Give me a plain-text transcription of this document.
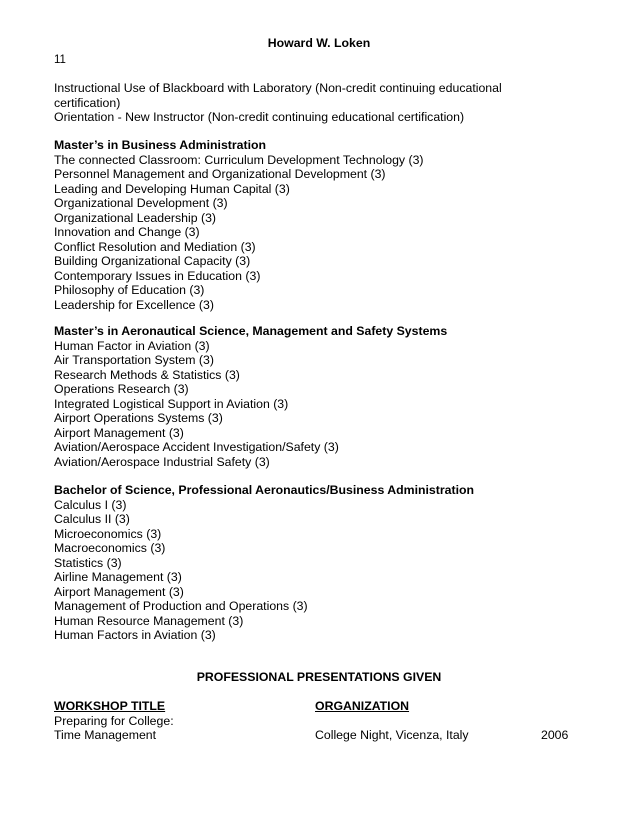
Howard W. Loken
11
Instructional Use of Blackboard with Laboratory (Non-credit continuing educational certification)
Orientation - New Instructor (Non-credit continuing educational certification)
Master’s in Business Administration
The connected Classroom: Curriculum Development Technology (3)
Personnel Management and Organizational Development (3)
Leading and Developing Human Capital (3)
Organizational Development (3)
Organizational Leadership (3)
Innovation and Change (3)
Conflict Resolution and Mediation (3)
Building Organizational Capacity (3)
Contemporary Issues in Education (3)
Philosophy of Education (3)
Leadership for Excellence (3)
Master’s in Aeronautical Science, Management and Safety Systems
Human Factor in Aviation (3)
Air Transportation System (3)
Research Methods & Statistics (3)
Operations Research (3)
Integrated Logistical Support in Aviation (3)
Airport Operations Systems (3)
Airport Management (3)
Aviation/Aerospace Accident Investigation/Safety (3)
Aviation/Aerospace Industrial Safety (3)
Bachelor of Science, Professional Aeronautics/Business Administration
Calculus I (3)
Calculus II (3)
Microeconomics (3)
Macroeconomics (3)
Statistics (3)
Airline Management (3)
Airport Management (3)
Management of Production and Operations (3)
Human Resource Management (3)
Human Factors in Aviation (3)
PROFESSIONAL PRESENTATIONS GIVEN
WORKSHOP TITLE	ORGANIZATION
Preparing for College:
Time Management	College Night, Vicenza, Italy	2006
